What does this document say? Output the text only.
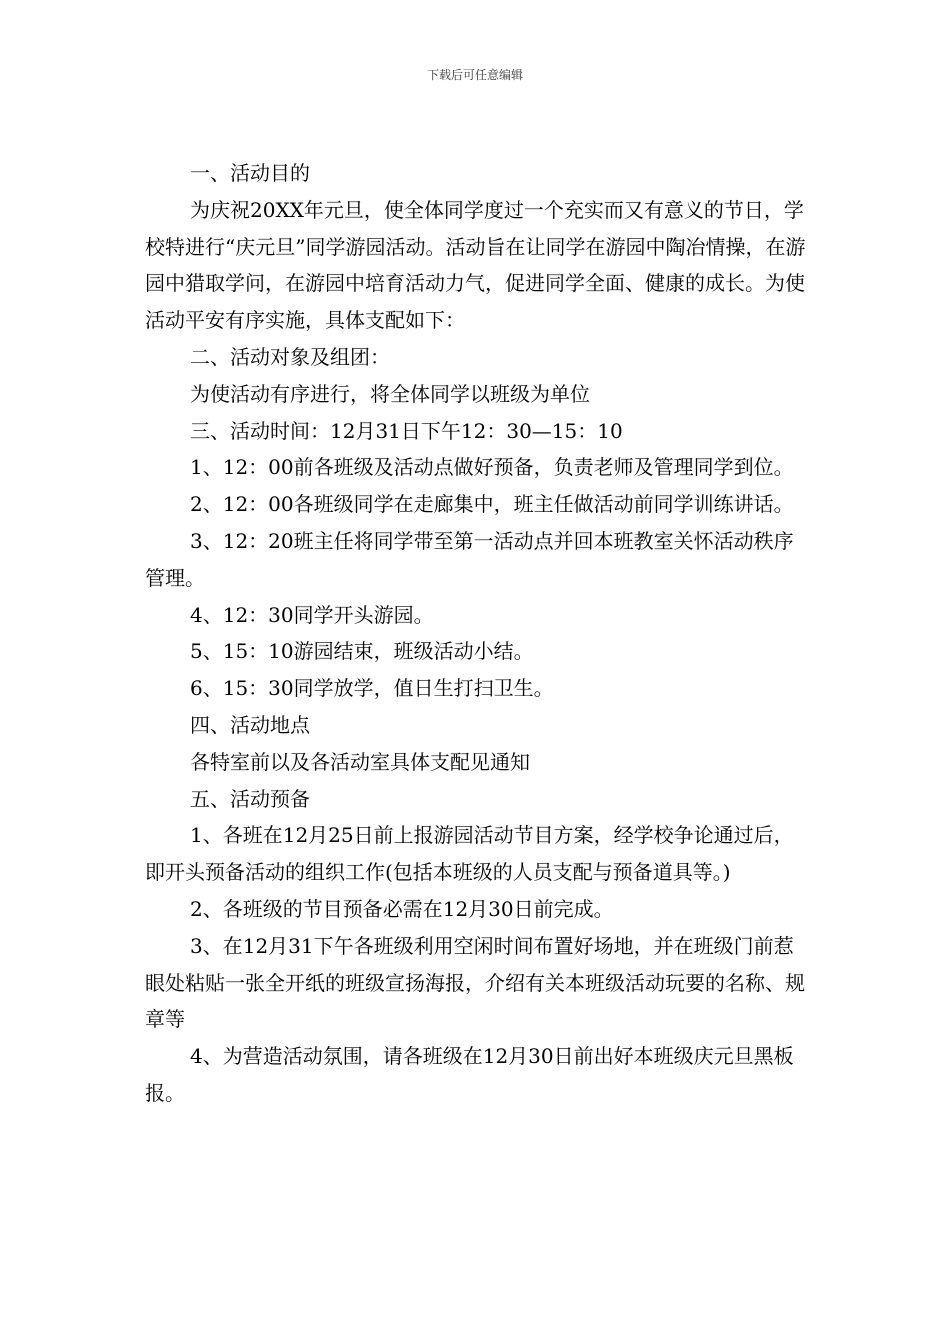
下载后可任意编辑

一、活动目的

为庆祝20XX年元旦，使全体同学度过一个充实而又有意义的节日，学校特进行“庆元旦”同学游园活动。活动旨在让同学在游园中陶冶情操，在游园中猎取学问，在游园中培育活动力气，促进同学全面、健康的成长。为使活动平安有序实施，具体支配如下：

二、活动对象及组团：

为使活动有序进行，将全体同学以班级为单位

三、活动时间：12月31日下午12：30—15：10

1、12：00前各班级及活动点做好预备，负责老师及管理同学到位。

2、12：00各班级同学在走廊集中，班主任做活动前同学训练讲话。

3、12：20班主任将同学带至第一活动点并回本班教室关怀活动秩序管理。

4、12：30同学开头游园。

5、15：10游园结束，班级活动小结。

6、15：30同学放学，值日生打扫卫生。

四、活动地点

各特室前以及各活动室具体支配见通知

五、活动预备

1、各班在12月25日前上报游园活动节目方案，经学校争论通过后，即开头预备活动的组织工作(包括本班级的人员支配与预备道具等。)

2、各班级的节目预备必需在12月30日前完成。

3、在12月31下午各班级利用空闲时间布置好场地，并在班级门前惹眼处粘贴一张全开纸的班级宣扬海报，介绍有关本班级活动玩要的名称、规章等

4、为营造活动氛围，请各班级在12月30日前出好本班级庆元旦黑板报。
